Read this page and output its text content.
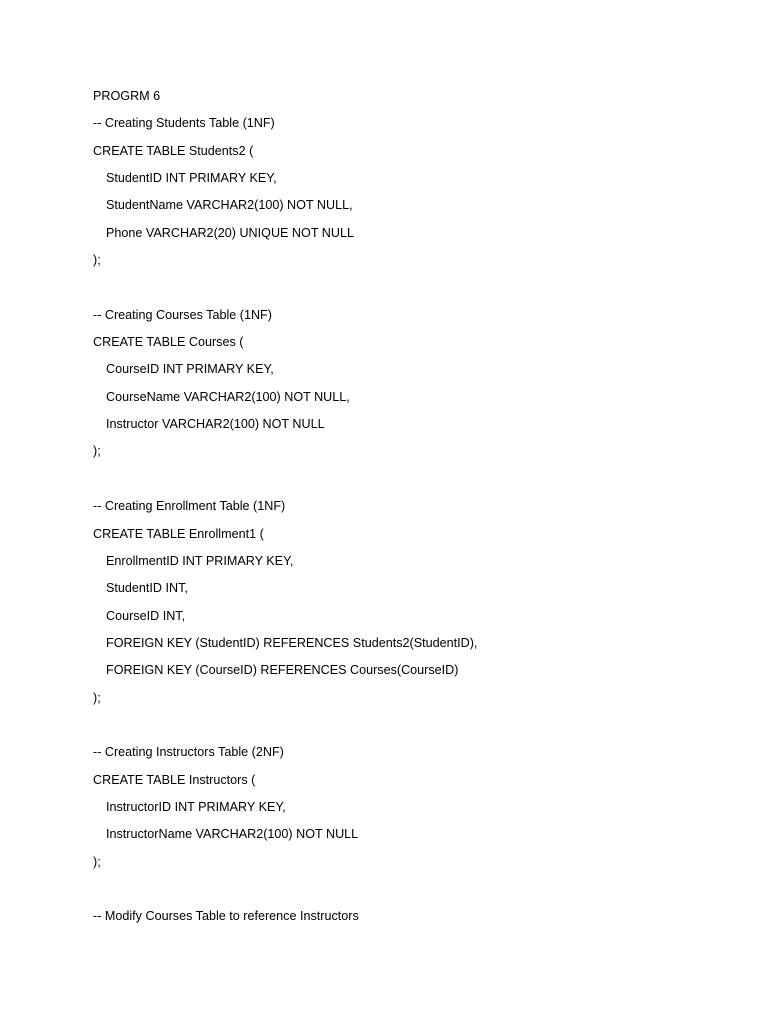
PROGRM 6
-- Creating Students Table (1NF)
CREATE TABLE Students2 (
StudentID INT PRIMARY KEY,
StudentName VARCHAR2(100) NOT NULL,
Phone VARCHAR2(20) UNIQUE NOT NULL
);
-- Creating Courses Table (1NF)
CREATE TABLE Courses (
CourseID INT PRIMARY KEY,
CourseName VARCHAR2(100) NOT NULL,
Instructor VARCHAR2(100) NOT NULL
);
-- Creating Enrollment Table (1NF)
CREATE TABLE Enrollment1 (
EnrollmentID INT PRIMARY KEY,
StudentID INT,
CourseID INT,
FOREIGN KEY (StudentID) REFERENCES Students2(StudentID),
FOREIGN KEY (CourseID) REFERENCES Courses(CourseID)
);
-- Creating Instructors Table (2NF)
CREATE TABLE Instructors (
InstructorID INT PRIMARY KEY,
InstructorName VARCHAR2(100) NOT NULL
);
-- Modify Courses Table to reference Instructors
